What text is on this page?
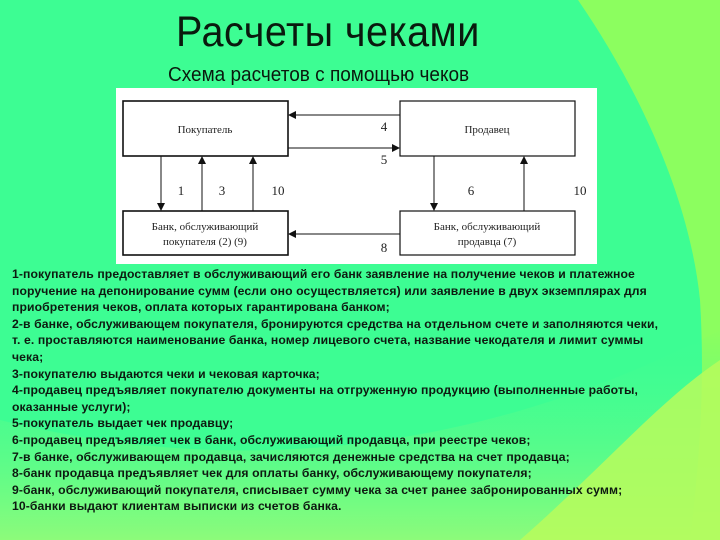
Расчеты чеками
Схема расчетов с помощью чеков
Покупатель	Продавец
Банк, обслуживающий
покупателя (2) (9)
Банк, обслуживающий
продавца (7)
4
5
1	3	10	6	10
8

1-покупатель предоставляет в обслуживающий его банк заявление на получение чеков и платежное поручение на депонирование сумм (если оно осуществляется) или заявление в двух экземплярах для приобретения чеков, оплата которых гарантирована банком;

2-в банке, обслуживающем покупателя, бронируются средства на отдельном счете и заполняются чеки, т. е. проставляются наименование банка, номер лицевого счета, название чекодателя и лимит суммы чека;

3-покупателю выдаются чеки и чековая карточка;

4-продавец предъявляет покупателю документы на отгруженную продукцию (выполненные работы, оказанные услуги);

5-покупатель выдает чек продавцу;

6-продавец предъявляет чек в банк, обслуживающий продавца, при реестре чеков;

7-в банке, обслуживающем продавца, зачисляются денежные средства на счет продавца;

8-банк продавца предъявляет чек для оплаты банку, обслуживающему покупателя;

9-банк, обслуживающий покупателя, списывает сумму чека за счет ранее забронированных сумм;

10-банки выдают клиентам выписки из счетов банка.
